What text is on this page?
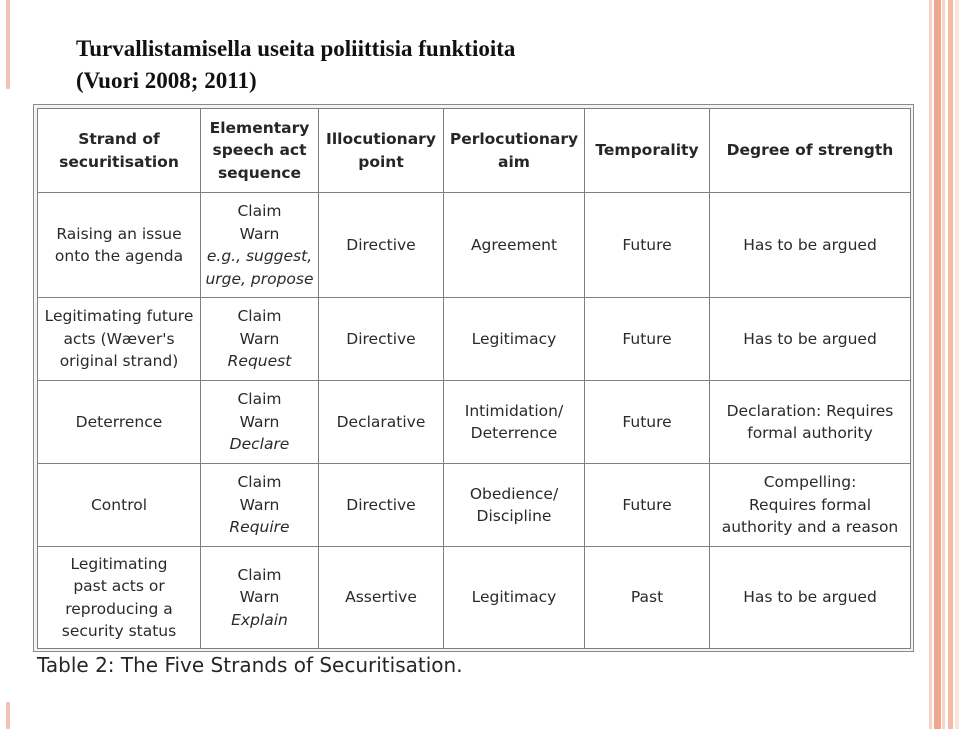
Turvallistamisella useita poliittisia funktioita
(Vuori 2008; 2011)
Strand of
securitisation	Elementary
speech act
sequence	Illocutionary
point	Perlocutionary
aim	Temporality	Degree of strength

Raising an issue
onto the agenda	Claim
Warn
e.g., suggest,
urge, propose	Directive	Agreement	Future	Has to be argued

Legitimating future
acts (Wæver's
original strand)	Claim
Warn
Request	Directive	Legitimacy	Future	Has to be argued

Deterrence	Claim
Warn
Declare	Declarative	Intimidation/
Deterrence	Future	Declaration: Requires
formal authority

Control	Claim
Warn
Require	Directive	Obedience/
Discipline	Future	Compelling:
Requires formal
authority and a reason

Legitimating
past acts or
reproducing a
security status	Claim
Warn
Explain	Assertive	Legitimacy	Past	Has to be argued

Table 2: The Five Strands of Securitisation.
